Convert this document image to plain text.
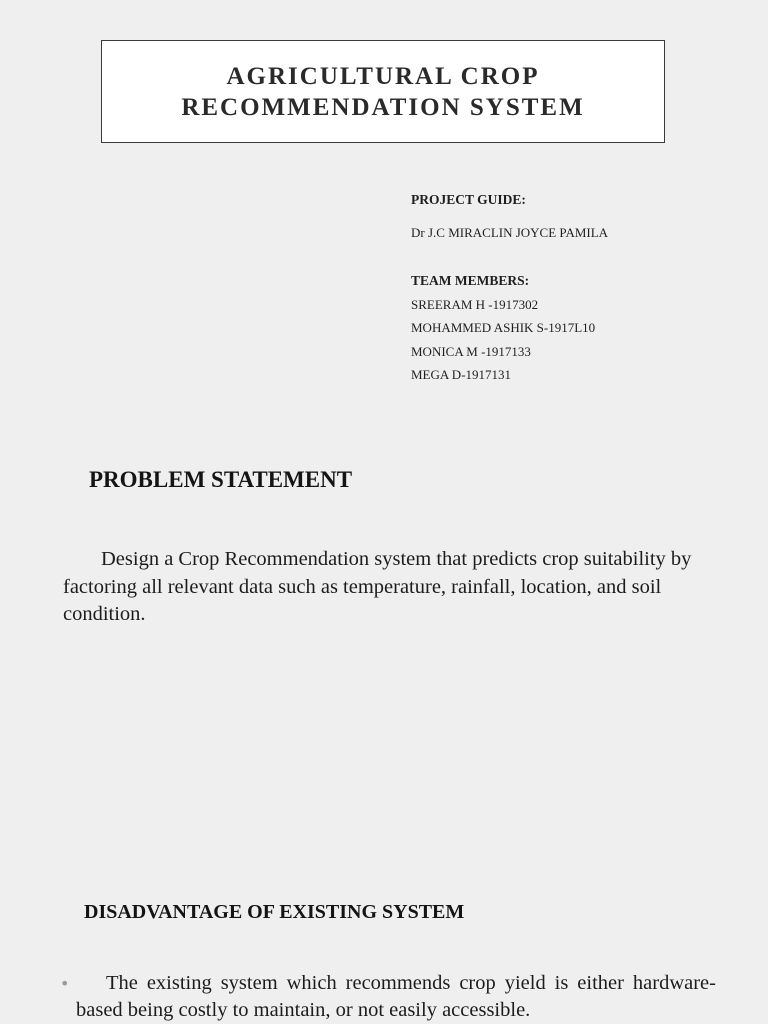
AGRICULTURAL CROP
RECOMMENDATION SYSTEM
PROJECT GUIDE:
Dr J.C MIRACLIN JOYCE PAMILA
TEAM MEMBERS:
SREERAM H -1917302
MOHAMMED ASHIK S-1917L10
MONICA M -1917133
MEGA D-1917131
PROBLEM STATEMENT
Design a Crop Recommendation system that predicts crop suitability by factoring all relevant data such as temperature, rainfall, location, and soil condition.
DISADVANTAGE OF EXISTING SYSTEM
•	The existing system which recommends crop yield is either hardware-based being costly to maintain, or not easily accessible.
